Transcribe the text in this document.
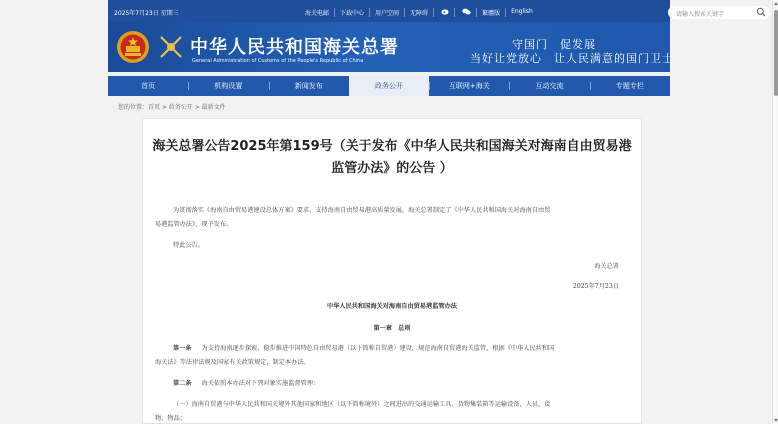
2025年7月23日 星期三	海关电邮	下载中心	用户空间	无障碍	繁體版	English	请输入搜索关键字
中华人民共和国海关总署
General Administration of Customs of the People's Republic of China
守国门　促发展
当好让党放心　让人民满意的国门卫士
首页	机构设置	新闻发布	政务公开	互联网+海关	互动交流	专题专栏
您的位置：首页 > 政务公开 > 最新文件
海关总署公告2025年第159号（关于发布《中华人民共和国海关对海南自由贸易港
监管办法》的公告 ）
为贯彻落实《海南自由贸易港建设总体方案》要求，支持海南自由贸易港高质量发展，海关总署制定了《中华人民共和国海关对海南自由贸
易港监管办法》，现予发布。
特此公告。
海关总署
2025年7月23日
中华人民共和国海关对海南自由贸易港监管办法
第一章　总则
第一条 为支持海南逐步探索、稳步推进中国特色自由贸易港（以下简称自贸港）建设，规范海南自贸港海关监管，根据《中华人民共和国
海关法》等法律法规及国家有关政策规定，制定本办法。
第二条 海关依照本办法对下列对象实施监督管理：
（一）海南自贸港与中华人民共和国关境外其他国家和地区（以下简称境外）之间进出的交通运输工具、货物集装箱等运输设备、人员、货
物、物品；
